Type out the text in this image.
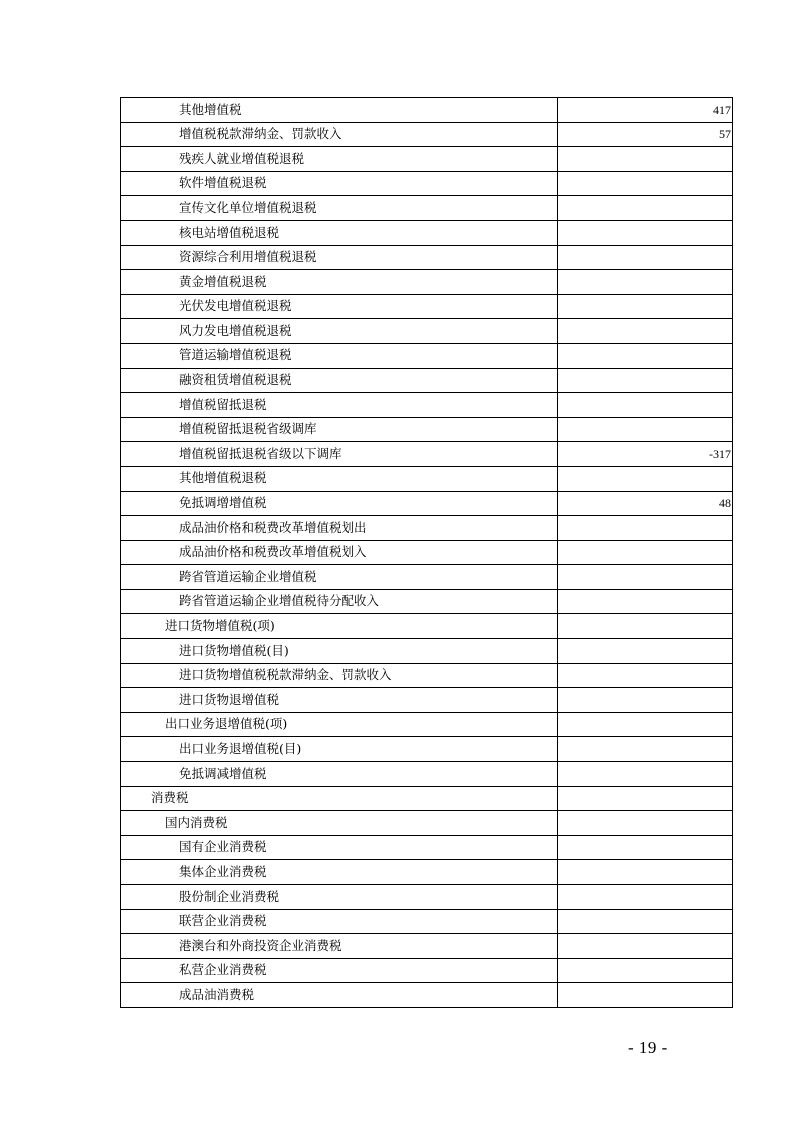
其他增值税	417
增值税税款滞纳金、罚款收入	57
残疾人就业增值税退税	
软件增值税退税	
宣传文化单位增值税退税	
核电站增值税退税	
资源综合利用增值税退税	
黄金增值税退税	
光伏发电增值税退税	
风力发电增值税退税	
管道运输增值税退税	
融资租赁增值税退税	
增值税留抵退税	
增值税留抵退税省级调库	
增值税留抵退税省级以下调库	-317
其他增值税退税	
免抵调增增值税	48
成品油价格和税费改革增值税划出	
成品油价格和税费改革增值税划入	
跨省管道运输企业增值税	
跨省管道运输企业增值税待分配收入	
进口货物增值税(项)	
进口货物增值税(目)	
进口货物增值税税款滞纳金、罚款收入	
进口货物退增值税	
出口业务退增值税(项)	
出口业务退增值税(目)	
免抵调减增值税	
消费税	
国内消费税	
国有企业消费税	
集体企业消费税	
股份制企业消费税	
联营企业消费税	
港澳台和外商投资企业消费税	
私营企业消费税	
成品油消费税	
- 19 -
